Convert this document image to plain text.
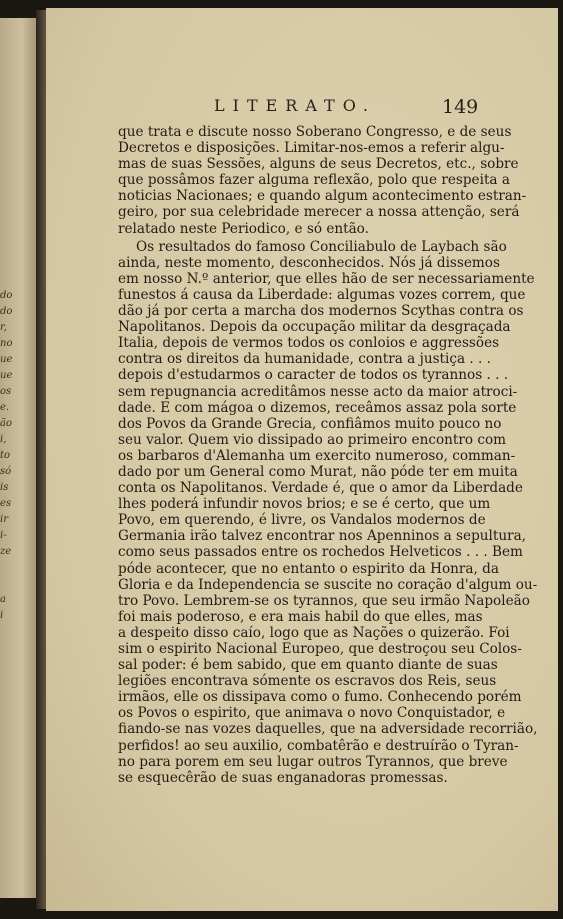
do
do
r,
no
ue
ue
os
e.
ão
i,
to
só
is
es
ir
i-
ze
a
i
LITERATO.	149
que trata e discute nosso Soberano Congresso, e de seus
Decretos e disposições. Limitar-nos-emos a referir algu-
mas de suas Sessões, alguns de seus Decretos, etc., sobre
que possâmos fazer alguma reflexão, polo que respeita a
noticias Nacionaes; e quando algum acontecimento estran-
geiro, por sua celebridade merecer a nossa attenção, será
relatado neste Periodico, e só então.
Os resultados do famoso Conciliabulo de Laybach são
ainda, neste momento, desconhecidos. Nós já dissemos
em nosso N.º anterior, que elles hão de ser necessariamente
funestos á causa da Liberdade: algumas vozes correm, que
dão já por certa a marcha dos modernos Scythas contra os
Napolitanos. Depois da occupação militar da desgraçada
Italia, depois de vermos todos os conloios e aggressões
contra os direitos da humanidade, contra a justiça . . .
depois d'estudarmos o caracter de todos os tyrannos . . .
sem repugnancia acreditâmos nesse acto da maior atroci-
dade. E com mágoa o dizemos, receâmos assaz pola sorte
dos Povos da Grande Grecia, confiâmos muito pouco no
seu valor. Quem vio dissipado ao primeiro encontro com
os barbaros d'Alemanha um exercito numeroso, comman-
dado por um General como Murat, não póde ter em muita
conta os Napolitanos. Verdade é, que o amor da Liberdade
lhes poderá infundir novos brios; e se é certo, que um
Povo, em querendo, é livre, os Vandalos modernos de
Germania irão talvez encontrar nos Apenninos a sepultura,
como seus passados entre os rochedos Helveticos . . . Bem
póde acontecer, que no entanto o espirito da Honra, da
Gloria e da Independencia se suscite no coração d'algum ou-
tro Povo. Lembrem-se os tyrannos, que seu irmão Napoleão
foi mais poderoso, e era mais habil do que elles, mas
a despeito disso caío, logo que as Nações o quizerão. Foi
sim o espirito Nacional Europeo, que destroçou seu Colos-
sal poder: é bem sabido, que em quanto diante de suas
legiões encontrava sómente os escravos dos Reis, seus
irmãos, elle os dissipava como o fumo. Conhecendo porém
os Povos o espirito, que animava o novo Conquistador, e
fiando-se nas vozes daquelles, que na adversidade recorrião,
perfidos! ao seu auxilio, combatêrão e destruírão o Tyran-
no para porem em seu lugar outros Tyrannos, que breve
se esquecêrão de suas enganadoras promessas.
